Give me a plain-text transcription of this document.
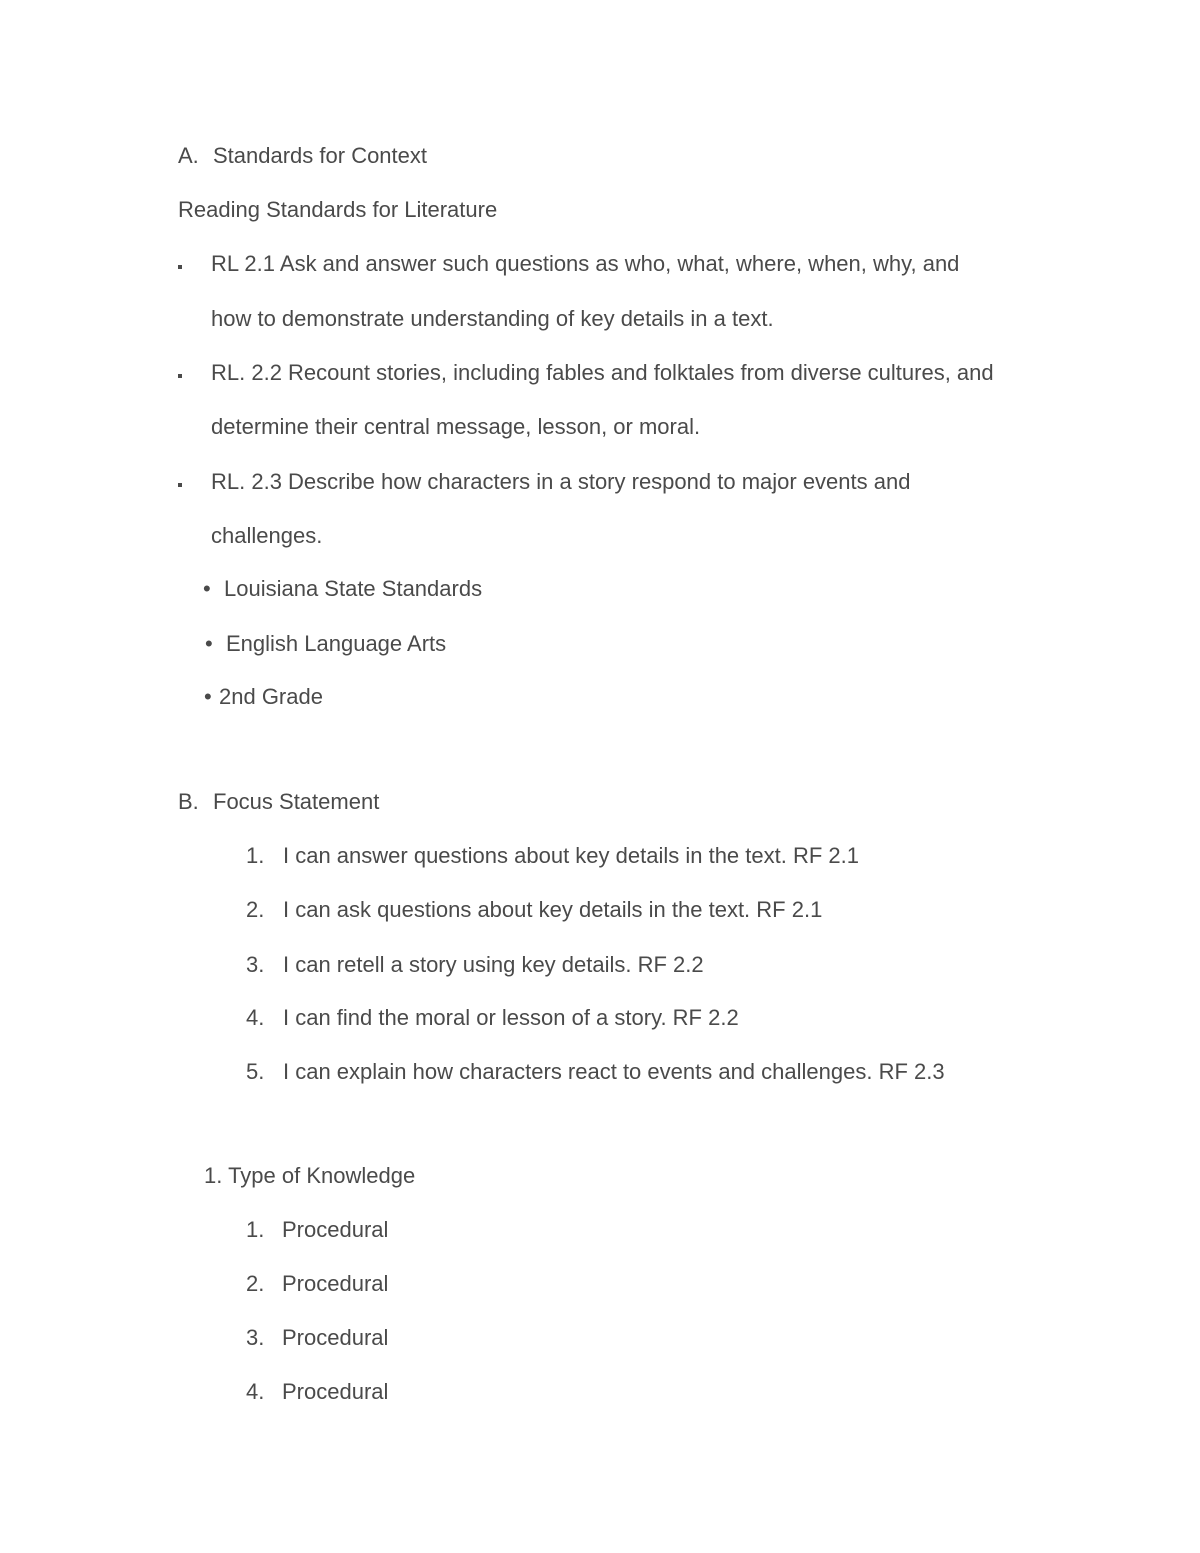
A. Standards for Context
Reading Standards for Literature
RL 2.1 Ask and answer such questions as who, what, where, when, why, and
how to demonstrate understanding of key details in a text.
RL. 2.2 Recount stories, including fables and folktales from diverse cultures, and
determine their central message, lesson, or moral.
RL. 2.3 Describe how characters in a story respond to major events and
challenges.
• Louisiana State Standards
• English Language Arts
• 2nd Grade
B. Focus Statement
1. I can answer questions about key details in the text. RF 2.1
2. I can ask questions about key details in the text. RF 2.1
3. I can retell a story using key details. RF 2.2
4. I can find the moral or lesson of a story. RF 2.2
5. I can explain how characters react to events and challenges. RF 2.3
1. Type of Knowledge
1. Procedural
2. Procedural
3. Procedural
4. Procedural
